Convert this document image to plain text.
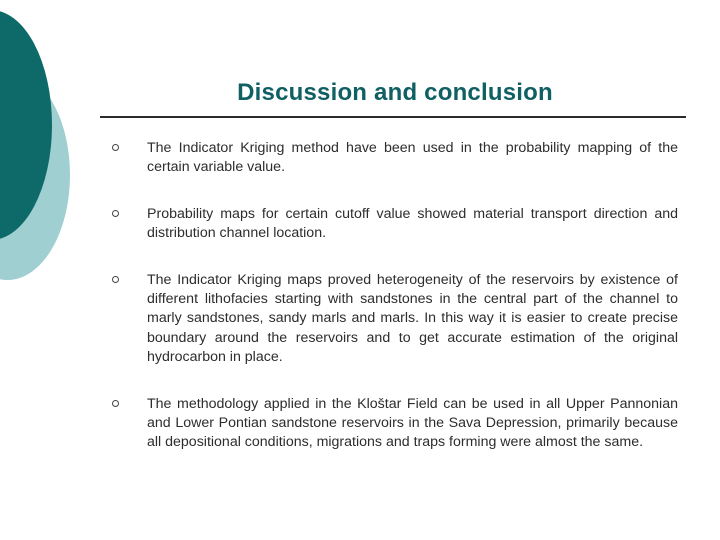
Discussion and conclusion
The Indicator Kriging method have been used in the probability mapping of the certain variable value.
Probability maps for certain cutoff value showed material transport direction and distribution channel location.
The Indicator Kriging maps proved heterogeneity of the reservoirs by existence of different lithofacies starting with sandstones in the central part of the channel to marly sandstones, sandy marls and marls. In this way it is easier to create precise boundary around the reservoirs and to get accurate estimation of the original hydrocarbon in place.
The methodology applied in the Kloštar Field can be used in all Upper Pannonian and Lower Pontian sandstone reservoirs in the Sava Depression, primarily because all depositional conditions, migrations and traps forming were almost the same.
